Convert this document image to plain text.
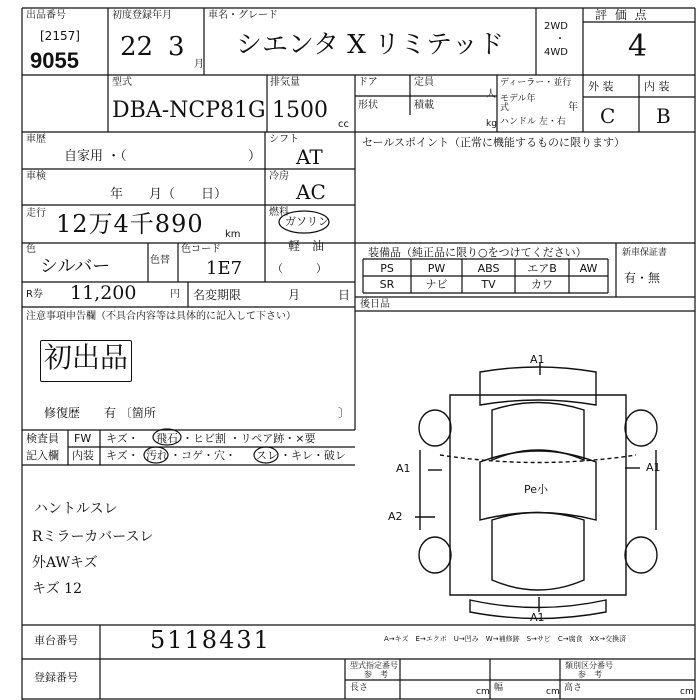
出品番号
[2157]
9055
初度登録年月
22 3
月
車名・グレード
シエンタ X リミテッド
2WD
・
4WD
評 価 点
4
型式
DBA-NCP81G
排気量
1500
cc
ドア	定員
人
形状	積載
kg
ディーラー・並行
モデル年式	年
ハンドル 左・右
外 装	内 装
C B
車歴
自家用 ・（	）
シフト
AT
車検
年　　月（　　日）
冷房
AC
走行 12万4千890 km
燃料
ガソリン
軽　油
（　　　）
色
シルバー	色替
色コード
1E7
R券 11,200	円 名変期限	月	日
注意事項申告欄（不具合内容等は具体的に記入して下さい）
初出品
修復歴　　有 〔箇所	〕
セールスポイント（正常に機能するものに限ります）
装備品（純正品に限り○をつけてください）	新車保証書
有・無
PS	PW	ABS	エアB	AW
SR	ナビ	TV	カワ
後日品
検査員
記入欄
FW キズ・ 飛石 ・ヒビ割 ・リペア跡・×要
内装 キズ・ 汚れ ・コゲ・穴・ スレ ・キレ・破レ
ハントルスレ
Rミラーカバースレ
外AWキズ
キズ 12
A1
A1	A1
A2
A1
Pe小
A→キズ　E→エクボ　U→凹み　W→補修跡　S→サビ　C→腐食　XX→交換済
車台番号	5118431
登録番号
型式指定番号
参　考
類別区分番号
参　考
長さ	cm 幅	cm 高さ	cm
